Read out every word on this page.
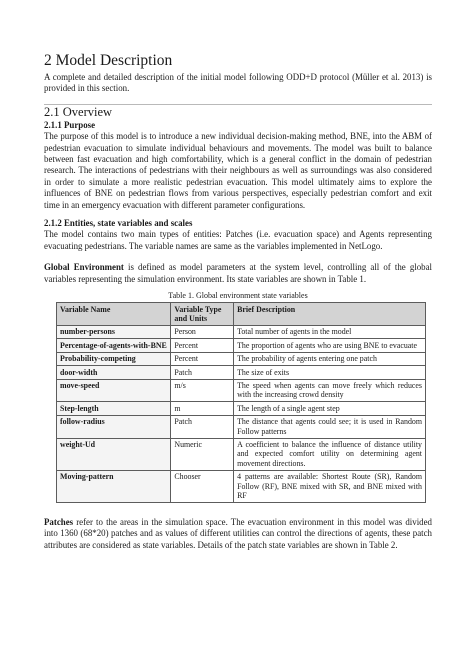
2 Model Description

A complete and detailed description of the initial model following ODD+D protocol (Müller et al. 2013) is provided in this section.

2.1 Overview
2.1.1 Purpose

The purpose of this model is to introduce a new individual decision-making method, BNE, into the ABM of pedestrian evacuation to simulate individual behaviours and movements. The model was built to balance between fast evacuation and high comfortability, which is a general conflict in the domain of pedestrian research. The interactions of pedestrians with their neighbours as well as surroundings was also considered in order to simulate a more realistic pedestrian evacuation. This model ultimately aims to explore the influences of BNE on pedestrian flows from various perspectives, especially pedestrian comfort and exit time in an emergency evacuation with different parameter configurations.

2.1.2 Entities, state variables and scales

The model contains two main types of entities: Patches (i.e. evacuation space) and Agents representing evacuating pedestrians. The variable names are same as the variables implemented in NetLogo.

Global Environment is defined as model parameters at the system level, controlling all of the global variables representing the simulation environment. Its state variables are shown in Table 1.

Table 1. Global environment state variables

Variable Name	Variable Type and Units	Brief Description
number-persons	Person	Total number of agents in the model
Percentage-of-agents-with-BNE	Percent	The proportion of agents who are using BNE to evacuate
Probability-competing	Percent	The probability of agents entering one patch
door-width	Patch	The size of exits
move-speed	m/s	The speed when agents can move freely which reduces with the increasing crowd density
Step-length	m	The length of a single agent step
follow-radius	Patch	The distance that agents could see; it is used in Random Follow patterns
weight-Ud	Numeric	A coefficient to balance the influence of distance utility and expected comfort utility on determining agent movement directions.
Moving-pattern	Chooser	4 patterns are available: Shortest Route (SR), Random Follow (RF), BNE mixed with SR, and BNE mixed with RF

Patches refer to the areas in the simulation space. The evacuation environment in this model was divided into 1360 (68*20) patches and as values of different utilities can control the directions of agents, these patch attributes are considered as state variables. Details of the patch state variables are shown in Table 2.
